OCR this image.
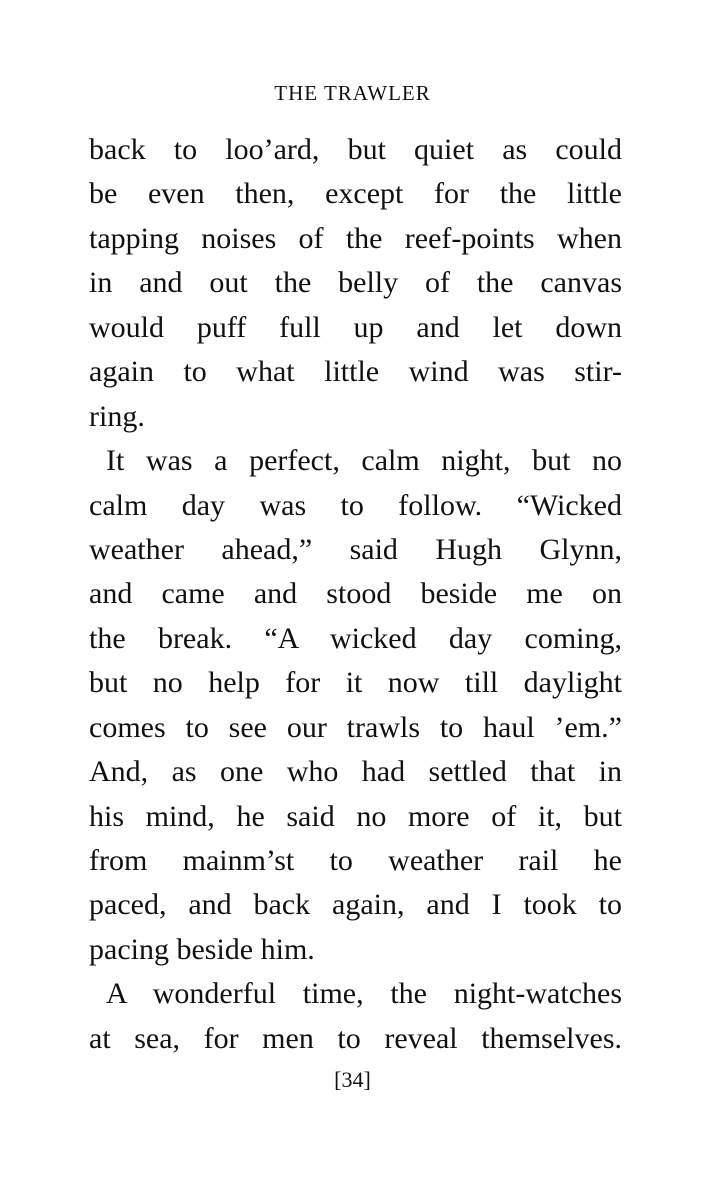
THE TRAWLER
back to loo’ard, but quiet as could
be even then, except for the little
tapping noises of the reef-points when
in and out the belly of the canvas
would puff full up and let down
again to what little wind was stir-
ring.
It was a perfect, calm night, but no
calm day was to follow. “Wicked
weather ahead,” said Hugh Glynn,
and came and stood beside me on
the break. “A wicked day coming,
but no help for it now till daylight
comes to see our trawls to haul ’em.”
And, as one who had settled that in
his mind, he said no more of it, but
from mainm’st to weather rail he
paced, and back again, and I took to
pacing beside him.
A wonderful time, the night-watches
at sea, for men to reveal themselves.
[34]
